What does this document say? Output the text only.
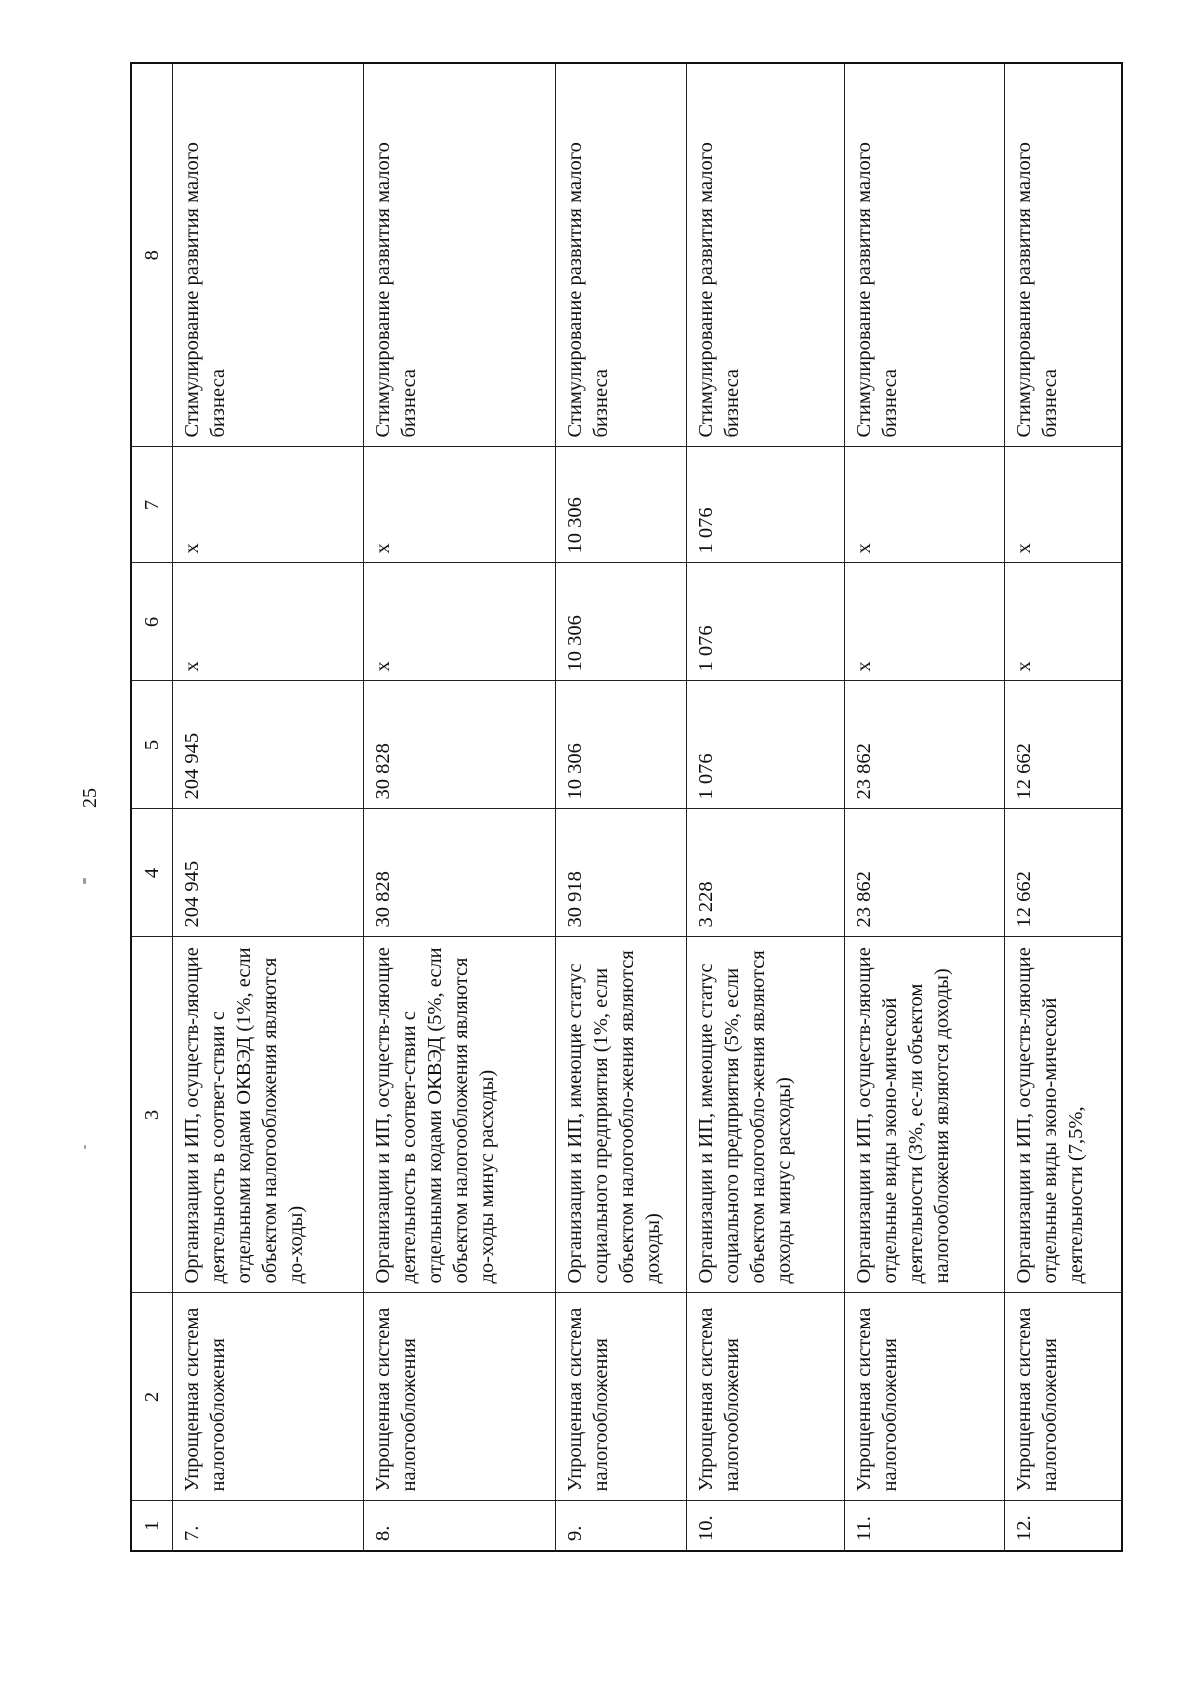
25
1	2	3	4	5	6	7	8
7.	Упрощенная система налогообложения	Организации и ИП, осуществ-ляющие деятельность в соответ-ствии с отдельными кодами ОКВЭД (1%, если объектом налогообложения являются до-ходы)	204 945	204 945	x	x	Стимулирование развития малого бизнеса
8.	Упрощенная система налогообложения	Организации и ИП, осуществ-ляющие деятельность в соответ-ствии с отдельными кодами ОКВЭД (5%, если объектом налогообложения являются до-ходы минус расходы)	30 828	30 828	x	x	Стимулирование развития малого бизнеса
9.	Упрощенная система налогообложения	Организации и ИП, имеющие статус социального предприятия (1%, если объектом налогообло-жения являются доходы)	30 918	10 306	10 306	10 306	Стимулирование развития малого бизнеса
10.	Упрощенная система налогообложения	Организации и ИП, имеющие статус социального предприятия (5%, если объектом налогообло-жения являются доходы минус расходы)	3 228	1 076	1 076	1 076	Стимулирование развития малого бизнеса
11.	Упрощенная система налогообложения	Организации и ИП, осуществ-ляющие отдельные виды эконо-мической деятельности (3%, ес-ли объектом налогообложения являются доходы)	23 862	23 862	x	x	Стимулирование развития малого бизнеса
12.	Упрощенная система налогообложения	Организации и ИП, осуществ-ляющие отдельные виды эконо-мической деятельности (7,5%,	12 662	12 662	x	x	Стимулирование развития малого бизнеса
